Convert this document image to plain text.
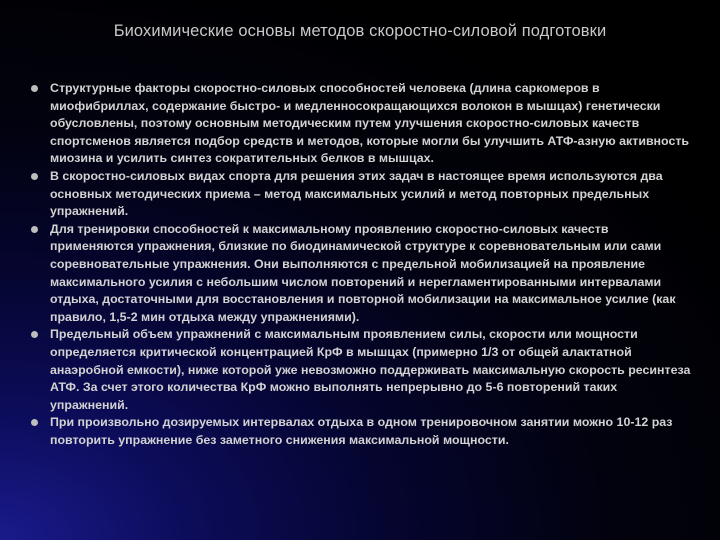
Биохимические основы методов скоростно-силовой подготовки
Структурные факторы скоростно-силовых способностей человека (длина саркомеров в миофибриллах, содержание быстро- и медленносокращающихся волокон в мышцах) генетически обусловлены, поэтому основным методическим путем улучшения скоростно-силовых качеств спортсменов является подбор средств и методов, которые могли бы улучшить АТФ-азную активность миозина и усилить синтез сократительных белков в мышцах.
В скоростно-силовых видах спорта для решения этих задач в настоящее время используются два основных методических приема – метод максимальных усилий и метод повторных предельных упражнений.
Для тренировки способностей к максимальному проявлению скоростно-силовых качеств применяются упражнения, близкие по биодинамической структуре к соревновательным или сами соревновательные упражнения. Они выполняются с предельной мобилизацией на проявление максимального усилия с небольшим числом повторений и нерегламентированными интервалами отдыха, достаточными для восстановления и повторной мобилизации на максимальное усилие (как правило, 1,5-2 мин отдыха между упражнениями).
Предельный объем упражнений с максимальным проявлением силы, скорости или мощности определяется критической концентрацией КрФ в мышцах (примерно 1/3 от общей алактатной анаэробной емкости), ниже которой уже невозможно поддерживать максимальную скорость ресинтеза АТФ. За счет этого количества КрФ можно выполнять непрерывно до 5-6 повторений таких упражнений.
При произвольно дозируемых интервалах отдыха в одном тренировочном занятии можно 10-12 раз повторить упражнение без заметного снижения максимальной мощности.
